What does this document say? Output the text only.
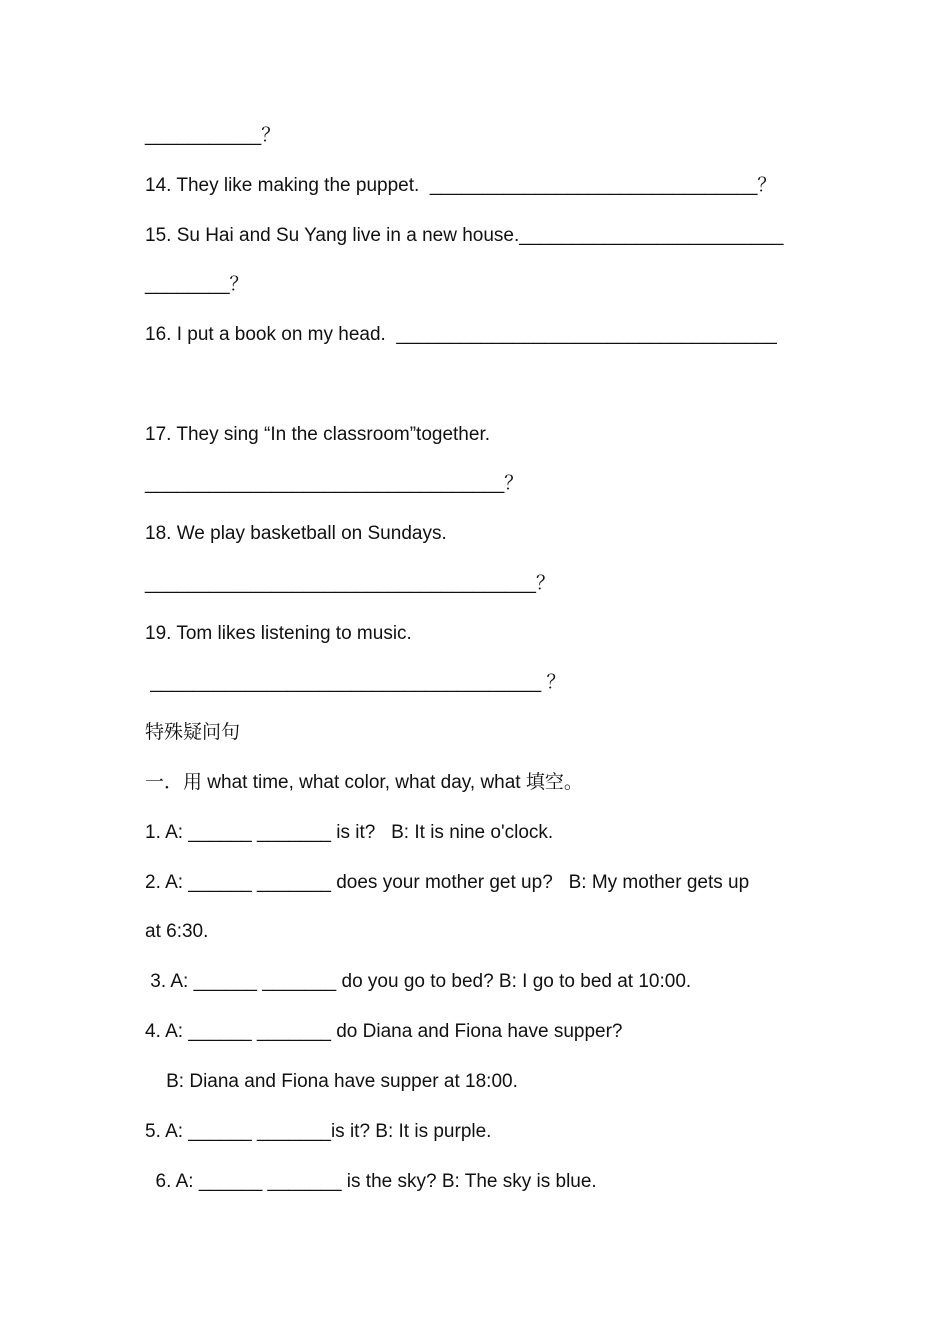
___________？
14. They like making the puppet.  _______________________________？
15. Su Hai and Su Yang live in a new house._________________________
________？
16. I put a book on my head.  ____________________________________
17. They sing “In the classroom”together.
__________________________________？
18. We play basketball on Sundays.
_____________________________________？
19. Tom likes listening to music.
_____________________________________ ？
特殊疑问句
一．用 what time, what color, what day, what 填空。
1. A: ______ _______ is it?   B: It is nine o'clock.
2. A: ______ _______ does your mother get up?   B: My mother gets up
at 6:30.
3. A: ______ _______ do you go to bed? B: I go to bed at 10:00.
4. A: ______ _______ do Diana and Fiona have supper?
B: Diana and Fiona have supper at 18:00.
5. A: ______ _______is it? B: It is purple.
6. A: ______ _______ is the sky? B: The sky is blue.
